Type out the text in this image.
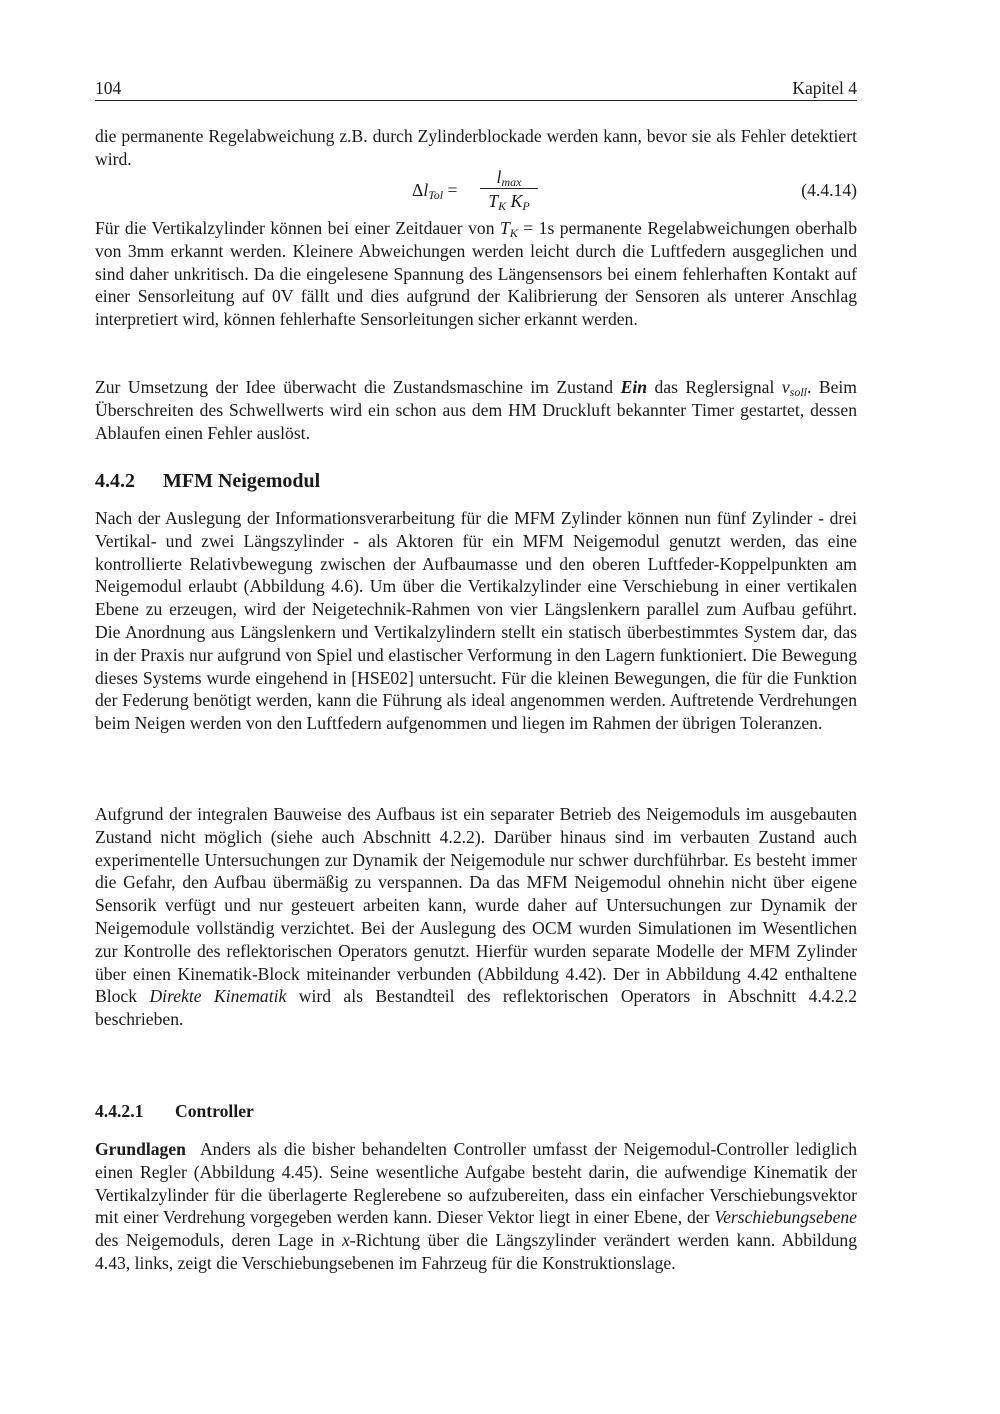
104	Kapitel 4

die permanente Regelabweichung z.B. durch Zylinderblockade werden kann, bevor sie als Fehler detektiert wird.

$\Delta l_{Tol}$ =
$l_{max}$
$T_K$ $K_P$
(4.4.14)

Für die Vertikalzylinder können bei einer Zeitdauer von $T_K = 1s$ permanente Regelabweichungen oberhalb von 3mm erkannt werden. Kleinere Abweichungen werden leicht durch die Luftfedern ausgeglichen und sind daher unkritisch. Da die eingelesene Spannung des Längensensors bei einem fehlerhaften Kontakt auf einer Sensorleitung auf 0V fällt und dies aufgrund der Kalibrierung der Sensoren als unterer Anschlag interpretiert wird, können fehlerhafte Sensorleitungen sicher erkannt werden.

Zur Umsetzung der Idee überwacht die Zustandsmaschine im Zustand Ein das Reglersignal $v_{soll}$. Beim Überschreiten des Schwellwerts wird ein schon aus dem HM Druckluft bekannter Timer gestartet, dessen Ablaufen einen Fehler auslöst.

4.4.2 MFM Neigemodul

Nach der Auslegung der Informationsverarbeitung für die MFM Zylinder können nun fünf Zylinder - drei Vertikal- und zwei Längszylinder - als Aktoren für ein MFM Neigemodul genutzt werden, das eine kontrollierte Relativbewegung zwischen der Aufbaumasse und den oberen Luftfeder-Koppelpunkten am Neigemodul erlaubt (Abbildung 4.6). Um über die Vertikalzylinder eine Verschiebung in einer vertikalen Ebene zu erzeugen, wird der Neigetechnik-Rahmen von vier Längslenkern parallel zum Aufbau geführt. Die Anordnung aus Längslenkern und Vertikalzylindern stellt ein statisch überbestimmtes System dar, das in der Praxis nur aufgrund von Spiel und elastischer Verformung in den Lagern funktioniert. Die Bewegung dieses Systems wurde eingehend in [HSE02] untersucht. Für die kleinen Bewegungen, die für die Funktion der Federung benötigt werden, kann die Führung als ideal angenommen werden. Auftretende Verdrehungen beim Neigen werden von den Luftfedern aufgenommen und liegen im Rahmen der übrigen Toleranzen.

Aufgrund der integralen Bauweise des Aufbaus ist ein separater Betrieb des Neigemoduls im ausgebauten Zustand nicht möglich (siehe auch Abschnitt 4.2.2). Darüber hinaus sind im verbauten Zustand auch experimentelle Untersuchungen zur Dynamik der Neigemodule nur schwer durchführbar. Es besteht immer die Gefahr, den Aufbau übermäßig zu verspannen. Da das MFM Neigemodul ohnehin nicht über eigene Sensorik verfügt und nur gesteuert arbeiten kann, wurde daher auf Untersuchungen zur Dynamik der Neigemodule vollständig verzichtet. Bei der Auslegung des OCM wurden Simulationen im Wesentlichen zur Kontrolle des reflektorischen Operators genutzt. Hierfür wurden separate Modelle der MFM Zylinder über einen Kinematik-Block miteinander verbunden (Abbildung 4.42). Der in Abbildung 4.42 enthaltene Block Direkte Kinematik wird als Bestandteil des reflektorischen Operators in Abschnitt 4.4.2.2 beschrieben.

4.4.2.1 Controller

Grundlagen Anders als die bisher behandelten Controller umfasst der Neigemodul-Controller lediglich einen Regler (Abbildung 4.45). Seine wesentliche Aufgabe besteht darin, die aufwendige Kinematik der Vertikalzylinder für die überlagerte Reglerebene so aufzubereiten, dass ein einfacher Verschiebungsvektor mit einer Verdrehung vorgegeben werden kann. Dieser Vektor liegt in einer Ebene, der Verschiebungsebene des Neigemoduls, deren Lage in x-Richtung über die Längszylinder verändert werden kann. Abbildung 4.43, links, zeigt die Verschiebungsebenen im Fahrzeug für die Konstruktionslage.
